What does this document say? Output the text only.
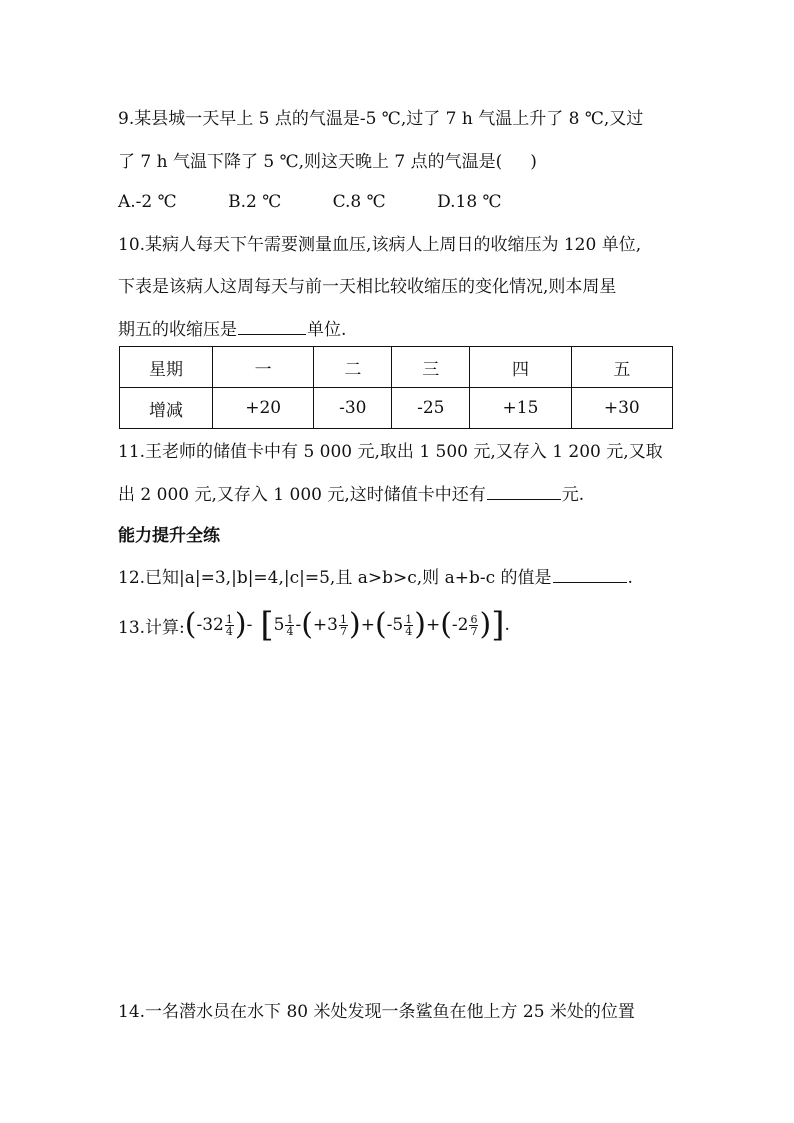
9.某县城一天早上 5 点的气温是-5 ℃,过了 7 h 气温上升了 8 ℃,又过
了 7 h 气温下降了 5 ℃,则这天晚上 7 点的气温是( )
A.-2 ℃	B.2 ℃	C.8 ℃	D.18 ℃
10.某病人每天下午需要测量血压,该病人上周日的收缩压为 120 单位,
下表是该病人这周每天与前一天相比较收缩压的变化情况,则本周星
期五的收缩压是	单位.
星期	一	二	三	四	五
增减	+20	-30	-25	+15	+30
11.王老师的储值卡中有 5 000 元,取出 1 500 元,又存入 1 200 元,又取
出 2 000 元,又存入 1 000 元,这时储值卡中还有	元.
能力提升全练
12.已知|a|=3,|b|=4,|c|=5,且 a>b>c,则 a+b-c 的值是	.
13.计算: ( $-32 \frac{1}{4}$ ) - [ $5 \frac{1}{4}$ - ( $+3 \frac{1}{7}$ ) + ( $-5 \frac{1}{4}$ ) + ( $-2 \frac{6}{7}$ ) ] .
14.一名潜水员在水下 80 米处发现一条鲨鱼在他上方 25 米处的位置
